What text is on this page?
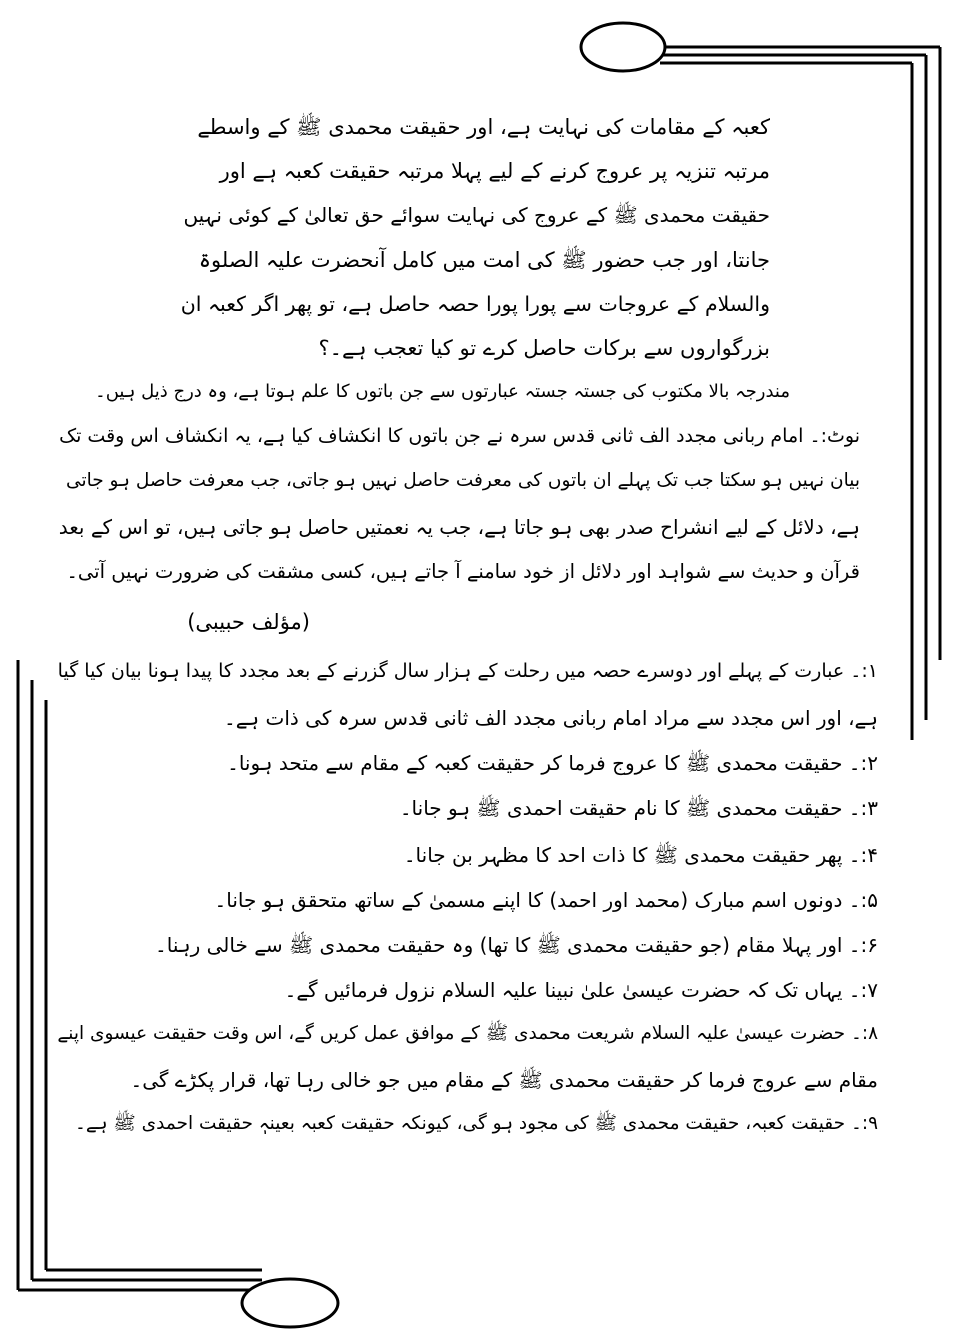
کعبہ کے مقامات کی نہایت ہے، اور حقیقت محمدی ﷺ کے واسطے
مرتبہ تنزیہ پر عروج کرنے کے لیے پہلا مرتبہ حقیقت کعبہ ہے اور
حقیقت محمدی ﷺ کے عروج کی نہایت سوائے حق تعالیٰ کے کوئی نہیں
جانتا، اور جب حضور ﷺ کی امت میں کامل آنحضرت علیہ الصلوۃ
والسلام کے عروجات سے پورا پورا حصہ حاصل ہے، تو پھر اگر کعبہ ان
بزرگواروں سے برکات حاصل کرے تو کیا تعجب ہے۔؟
مندرجہ بالا مکتوب کی جستہ جستہ عبارتوں سے جن باتوں کا علم ہوتا ہے، وہ درج ذیل ہیں۔
نوٹ:۔ امام ربانی مجدد الف ثانی قدس سرہ نے جن باتوں کا انکشاف کیا ہے، یہ انکشاف اس وقت تک
بیان نہیں ہو سکتا جب تک پہلے ان باتوں کی معرفت حاصل نہیں ہو جاتی، جب معرفت حاصل ہو جاتی
ہے، دلائل کے لیے انشراح صدر بھی ہو جاتا ہے، جب یہ نعمتیں حاصل ہو جاتی ہیں، تو اس کے بعد
قرآن و حدیث سے شواہد اور دلائل از خود سامنے آ جاتے ہیں، کسی مشقت کی ضرورت نہیں آتی۔
(مؤلف حبیبی)
۱:۔ عبارت کے پہلے اور دوسرے حصہ میں رحلت کے ہزار سال گزرنے کے بعد مجدد کا پیدا ہونا بیان کیا گیا
ہے، اور اس مجدد سے مراد امام ربانی مجدد الف ثانی قدس سرہ کی ذات ہے۔
۲:۔ حقیقت محمدی ﷺ کا عروج فرما کر حقیقت کعبہ کے مقام سے متحد ہونا۔
۳:۔ حقیقت محمدی ﷺ کا نام حقیقت احمدی ﷺ ہو جانا۔
۴:۔ پھر حقیقت محمدی ﷺ کا ذات احد کا مظہر بن جانا۔
۵:۔ دونوں اسم مبارک (محمد اور احمد) کا اپنے مسمیٰ کے ساتھ متحقق ہو جانا۔
۶:۔ اور پہلا مقام (جو حقیقت محمدی ﷺ کا تھا) وہ حقیقت محمدی ﷺ سے خالی رہنا۔
۷:۔ یہاں تک کہ حضرت عیسیٰ علیٰ نبینا علیہ السلام نزول فرمائیں گے۔
۸:۔ حضرت عیسیٰ علیہ السلام شریعت محمدی ﷺ کے موافق عمل کریں گے، اس وقت حقیقت عیسوی اپنے
مقام سے عروج فرما کر حقیقت محمدی ﷺ کے مقام میں جو خالی رہا تھا، قرار پکڑے گی۔
۹:۔ حقیقت کعبہ، حقیقت محمدی ﷺ کی مجود ہو گی، کیونکہ حقیقت کعبہ بعینہٖ حقیقت احمدی ﷺ ہے۔
